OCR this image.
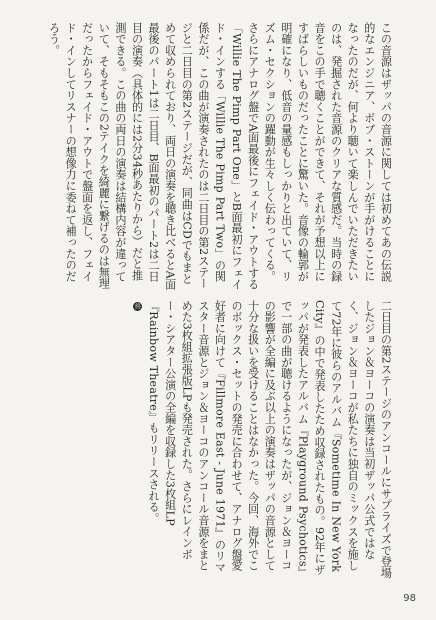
この音源はザッパの音源に関しては初めてあの伝説的なエンジニア、ボブ・ストーンが手がけることになったのだが、何より聴いて楽しんでいただきたいのは、発掘された音源のクリアな質感だ。当時の録音をこの手で聴くことができて、それが予想以上にすばらしいものだったことに驚いた。音像の輪郭が明確になり、低音の量感もしっかりと出ていて、リズム・セクションの躍動が生々しく伝わってくる。
さらにアナログ盤でA面最後にフェイド・アウトする「Willie The Pimp Part One」とB面最初にフェイド・インする「Willie The Pimp Part Two」の関係だが、この曲が演奏されたのは二日目の第2ステージと二日目の第2ステージだが、同曲はCDでもまとめて収められており、両日の演奏を聴き比べるとA面最後のパート1は二日目、B面最初のパート2は二日目の演奏（具体的には2分34秒あたりから）だと推測できる。この曲の両日の演奏は結構内容が違っていて、そもそもこの2テイクを綺麗に繋げるのは無理だったからフェイド・アウトで盤面を返し、フェイド・インしてリスナーの想像力に委ねて補ったのだろう。

二日目の第2ステージのアンコールにサプライズで登場したジョン＆ヨーコの演奏は当初ザッパ公式ではなく、ジョン＆ヨーコが私たちに独自のミックスを施して72年に彼らのアルバム『Sometime In New York City』の中で発表したため収録されたもの。92年にザッパが発表したアルバム『Playground Psychotics』で一部の曲が聴けるようになったが、ジョン＆ヨーコの影響が全編に及ぶ以上の演奏はザッパの音源として十分な扱いを受けることはなかった。今回、海外でこのボックス・セットの発売に合わせて、アナログ盤愛好者に向けて『Fillmore East - June 1971』のリマスター音源とジョン＆ヨーコのアンコール音源をまとめた3枚組拡張版LPも発売された。さらにレインボー・シアター公演の全編を収録した3枚組LP『Rainbow Theatre』もリリースされる。
終

98
